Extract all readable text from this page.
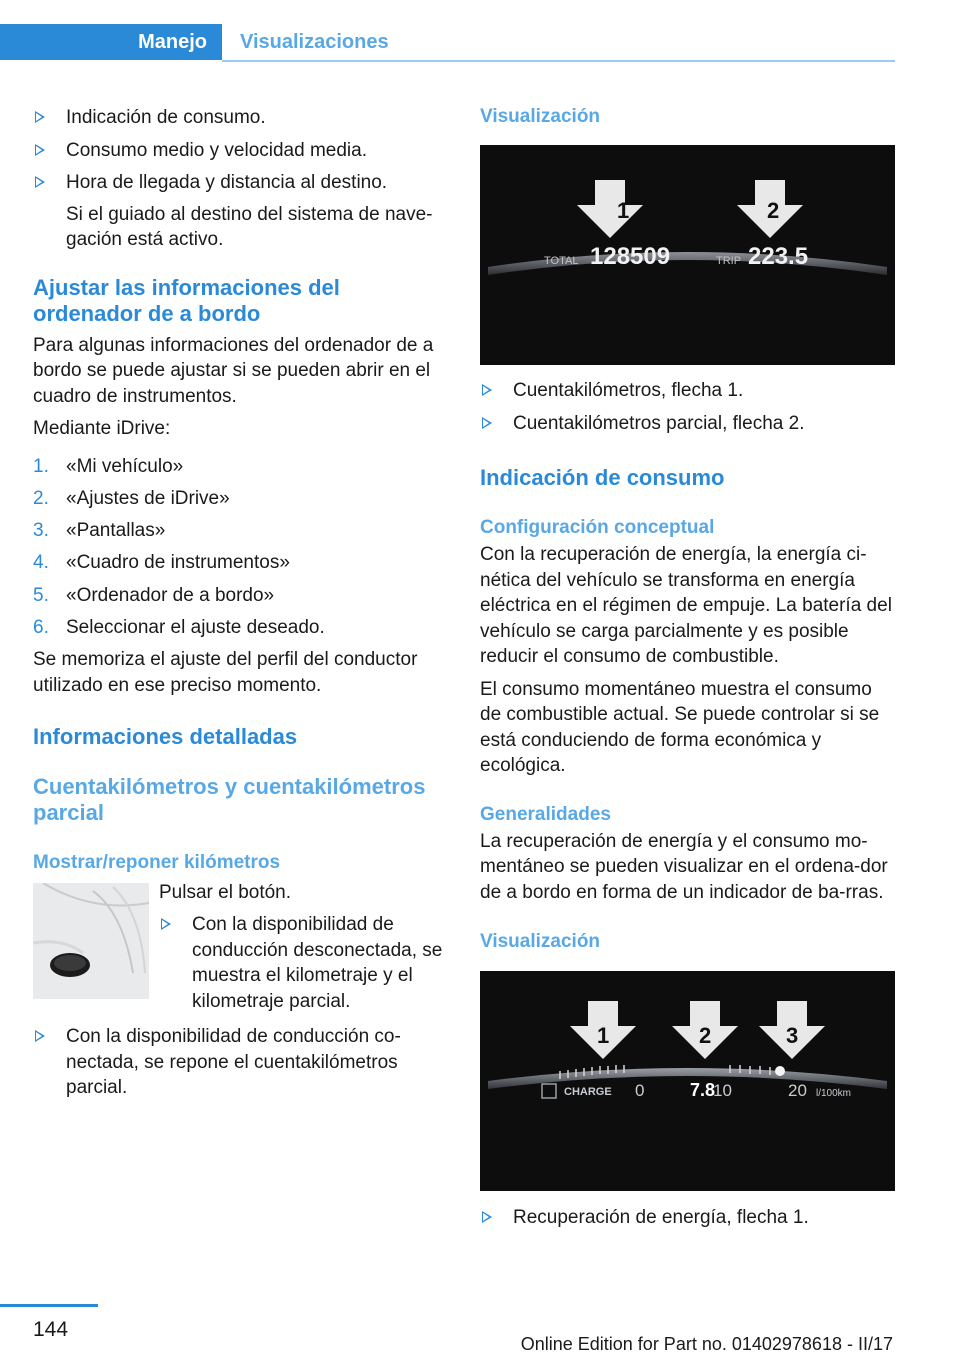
Manejo Visualizaciones
Indicación de consumo.
Consumo medio y velocidad media.
Hora de llegada y distancia al destino.

Si el guiado al destino del sistema de nave-gación está activo.

Ajustar las informaciones del ordenador de a bordo

Para algunas informaciones del ordenador de a bordo se puede ajustar si se pueden abrir en el cuadro de instrumentos.

Mediante iDrive:

1. «Mi vehículo»
2. «Ajustes de iDrive»
3. «Pantallas»
4. «Cuadro de instrumentos»
5. «Ordenador de a bordo»
6. Seleccionar el ajuste deseado.

Se memoriza el ajuste del perfil del conductor utilizado en ese preciso momento.

Informaciones detalladas
Cuentakilómetros y cuentakilómetros parcial
Mostrar/reponer kilómetros

Pulsar el botón.

Con la disponibilidad de conducción desconectada, se muestra el kilometraje y el kilometraje parcial.
Con la disponibilidad de conducción co-nectada, se repone el cuentakilómetros parcial.
Visualización
1	2
TOTAL 128509	TRIP 223.5
Cuentakilómetros, flecha 1.
Cuentakilómetros parcial, flecha 2.
Indicación de consumo
Configuración conceptual

Con la recuperación de energía, la energía ci-nética del vehículo se transforma en energía eléctrica en el régimen de empuje. La batería del vehículo se carga parcialmente y es posible reducir el consumo de combustible.

El consumo momentáneo muestra el consumo de combustible actual. Se puede controlar si se está conduciendo de forma económica y ecológica.

Generalidades

La recuperación de energía y el consumo mo-mentáneo se pueden visualizar en el ordena-dor de a bordo en forma de un indicador de ba-rras.

Visualización
1	2	3
CHARGE 0	7.8
10	20 l/100km
Recuperación de energía, flecha 1.
144
Online Edition for Part no. 01402978618 - II/17
